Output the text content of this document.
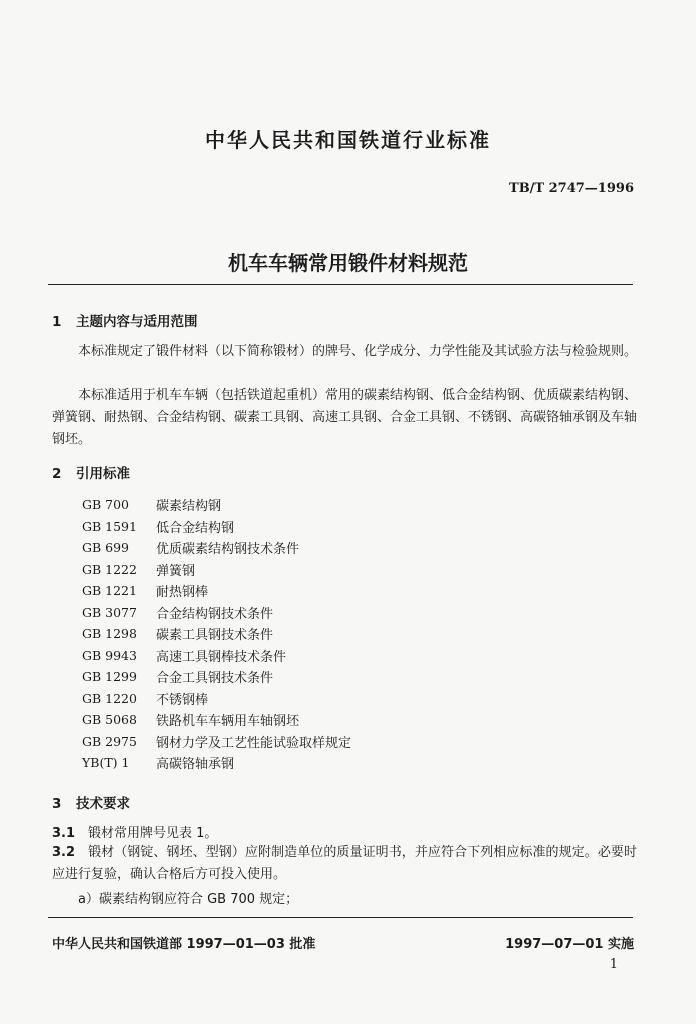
中华人民共和国铁道行业标准
TB/T 2747—1996
机车车辆常用锻件材料规范
1 主题内容与适用范围
本标准规定了锻件材料（以下简称锻材）的牌号、化学成分、力学性能及其试验方法与检验规则。
本标准适用于机车车辆（包括铁道起重机）常用的碳素结构钢、低合金结构钢、优质碳素结构钢、弹簧钢、耐热钢、合金结构钢、碳素工具钢、高速工具钢、合金工具钢、不锈钢、高碳铬轴承钢及车轴钢坯。
2 引用标准
GB 700	碳素结构钢
GB 1591	低合金结构钢
GB 699	优质碳素结构钢技术条件
GB 1222	弹簧钢
GB 1221	耐热钢棒
GB 3077	合金结构钢技术条件
GB 1298	碳素工具钢技术条件
GB 9943	高速工具钢棒技术条件
GB 1299	合金工具钢技术条件
GB 1220	不锈钢棒
GB 5068	铁路机车车辆用车轴钢坯
GB 2975	钢材力学及工艺性能试验取样规定
YB(T) 1	高碳铬轴承钢
3 技术要求
3.1 锻材常用牌号见表 1。
3.2 锻材（钢锭、钢坯、型钢）应附制造单位的质量证明书，并应符合下列相应标准的规定。必要时应进行复验，确认合格后方可投入使用。
a）碳素结构钢应符合 GB 700 规定；
中华人民共和国铁道部 1997—01—03 批准	1997—07—01 实施
1
